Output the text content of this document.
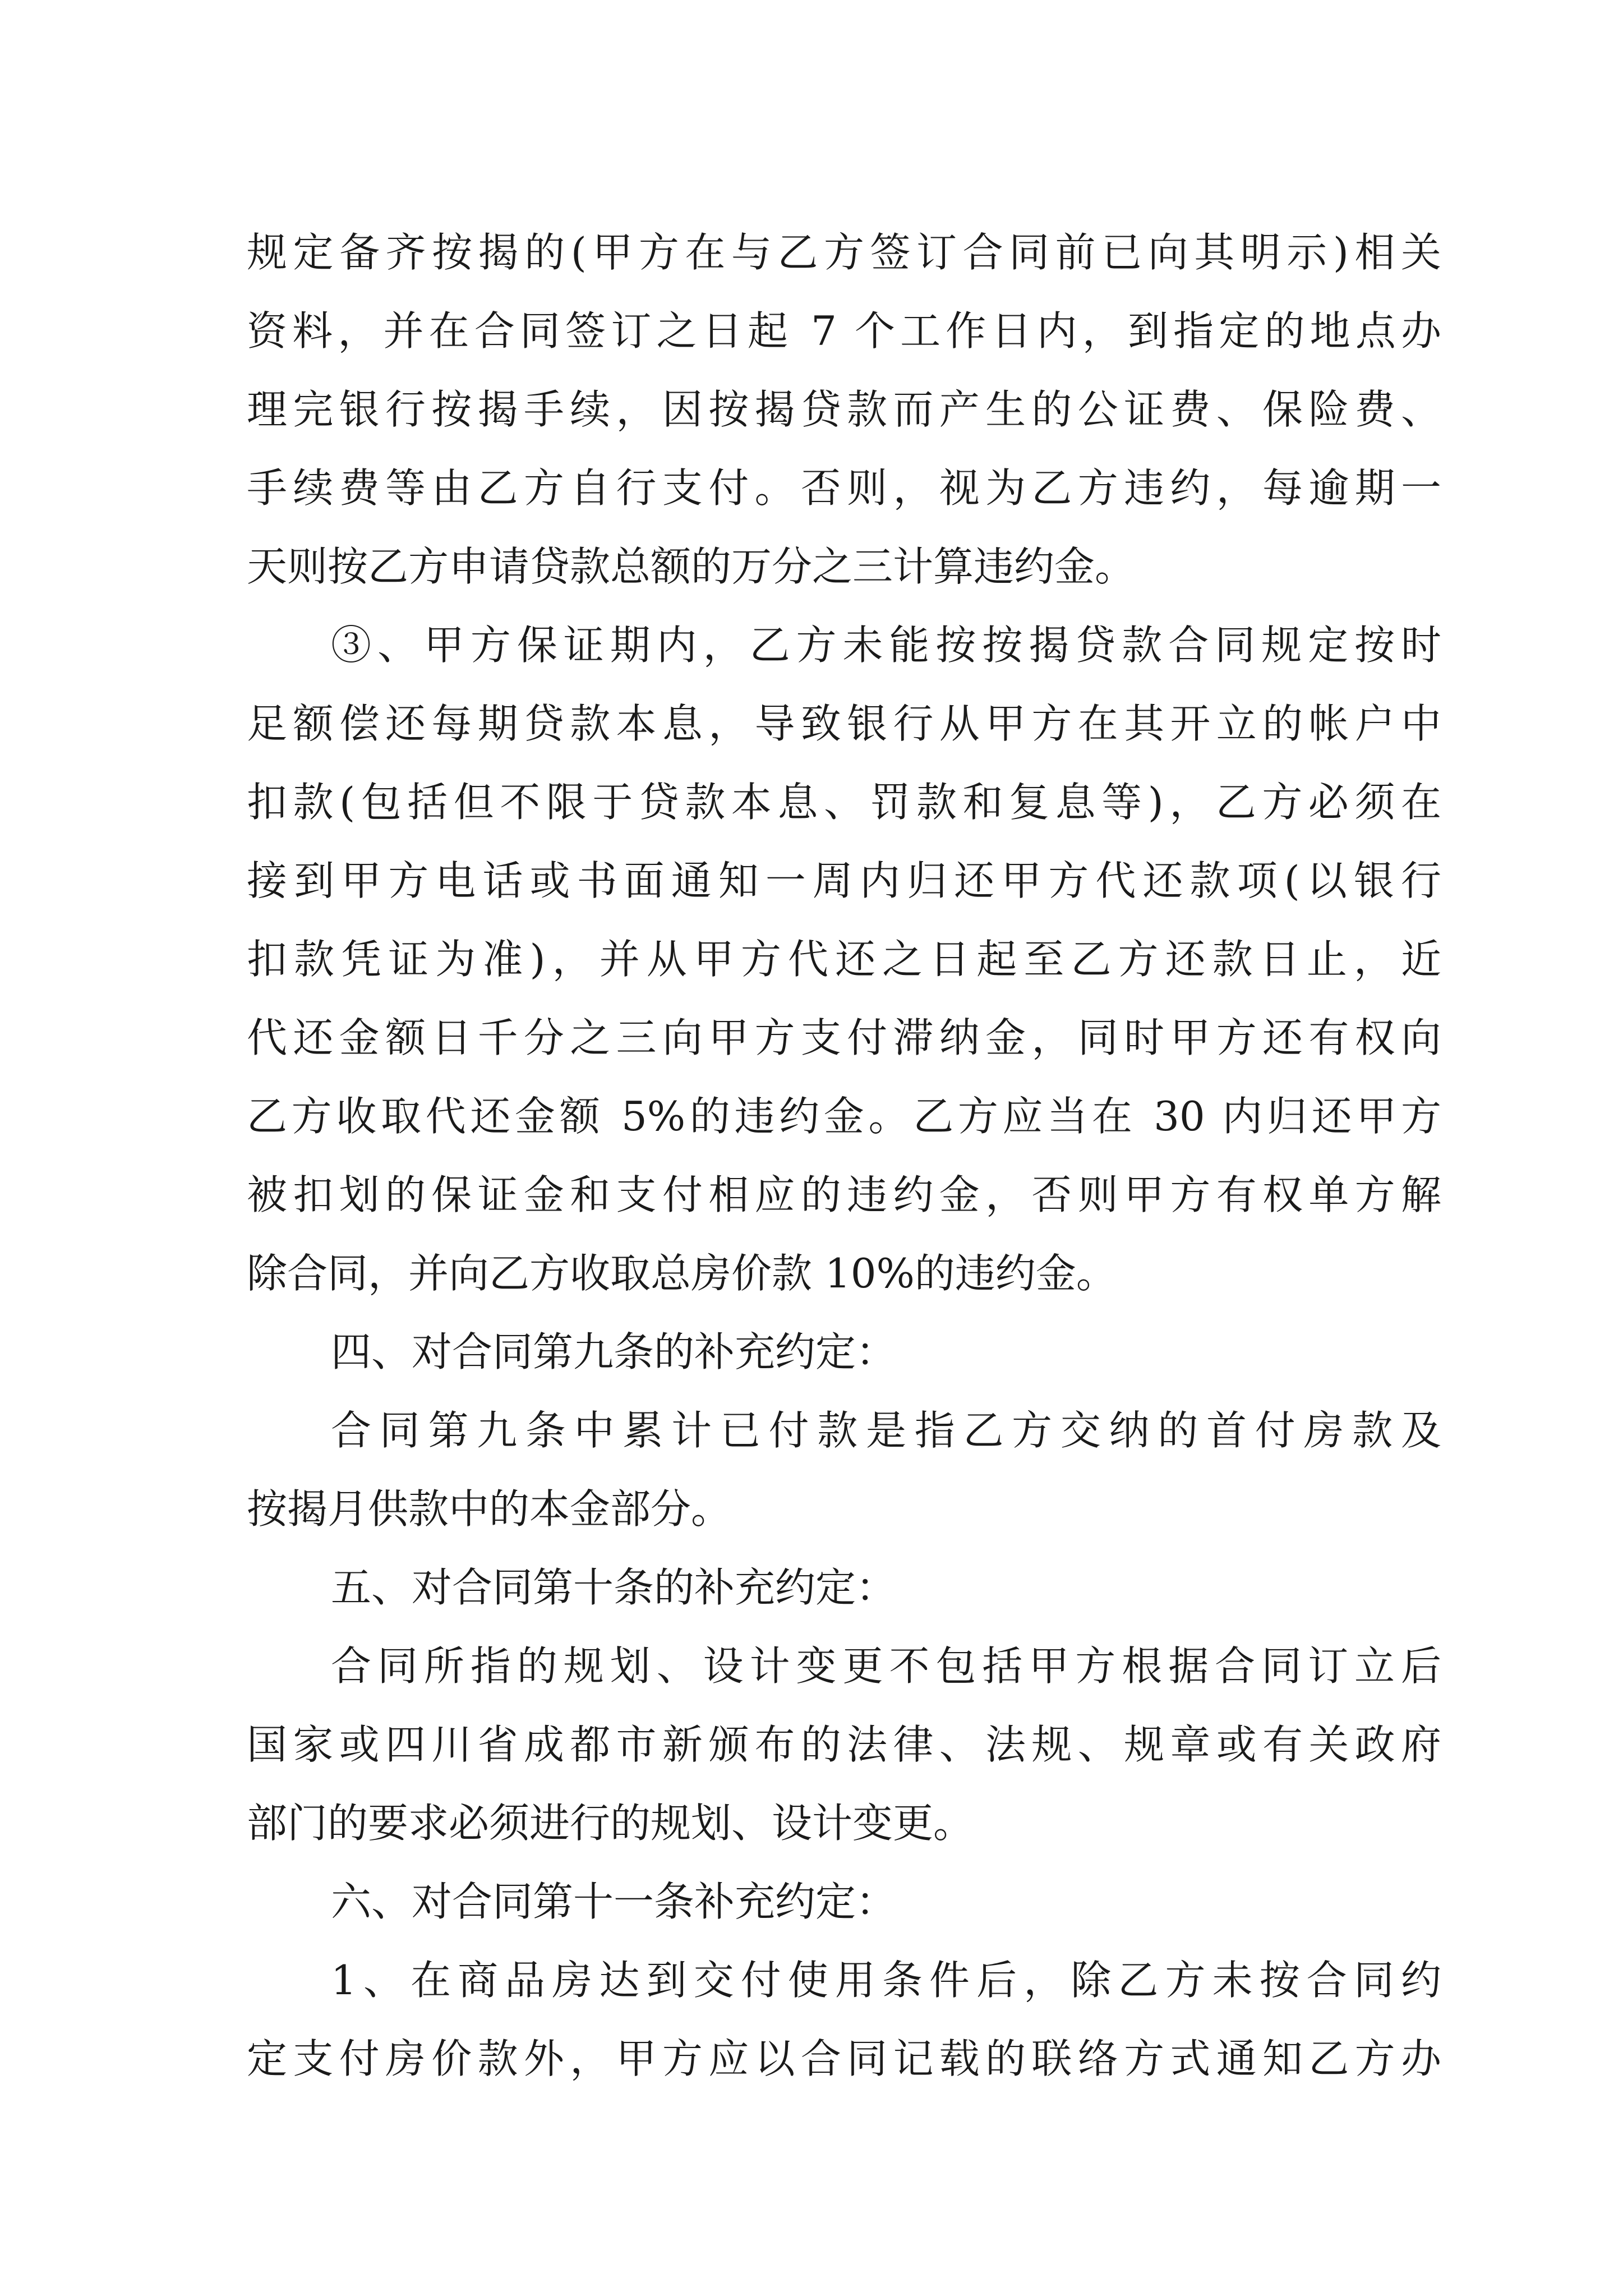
规定备齐按揭的(甲方在与乙方签订合同前已向其明示)相关
资料，并在合同签订之日起 7 个工作日内，到指定的地点办
理完银行按揭手续，因按揭贷款而产生的公证费、保险费、
手续费等由乙方自行支付。否则，视为乙方违约，每逾期一
天则按乙方申请贷款总额的万分之三计算违约金。
③、甲方保证期内，乙方未能按按揭贷款合同规定按时
足额偿还每期贷款本息，导致银行从甲方在其开立的帐户中
扣款(包括但不限于贷款本息、罚款和复息等)，乙方必须在
接到甲方电话或书面通知一周内归还甲方代还款项(以银行
扣款凭证为准)，并从甲方代还之日起至乙方还款日止，近
代还金额日千分之三向甲方支付滞纳金，同时甲方还有权向
乙方收取代还金额 5%的违约金。乙方应当在 30 内归还甲方
被扣划的保证金和支付相应的违约金，否则甲方有权单方解
除合同，并向乙方收取总房价款 10%的违约金。
四、对合同第九条的补充约定：
合同第九条中累计已付款是指乙方交纳的首付房款及
按揭月供款中的本金部分。
五、对合同第十条的补充约定：
合同所指的规划、设计变更不包括甲方根据合同订立后
国家或四川省成都市新颁布的法律、法规、规章或有关政府
部门的要求必须进行的规划、设计变更。
六、对合同第十一条补充约定：
1、在商品房达到交付使用条件后，除乙方未按合同约
定支付房价款外，甲方应以合同记载的联络方式通知乙方办
